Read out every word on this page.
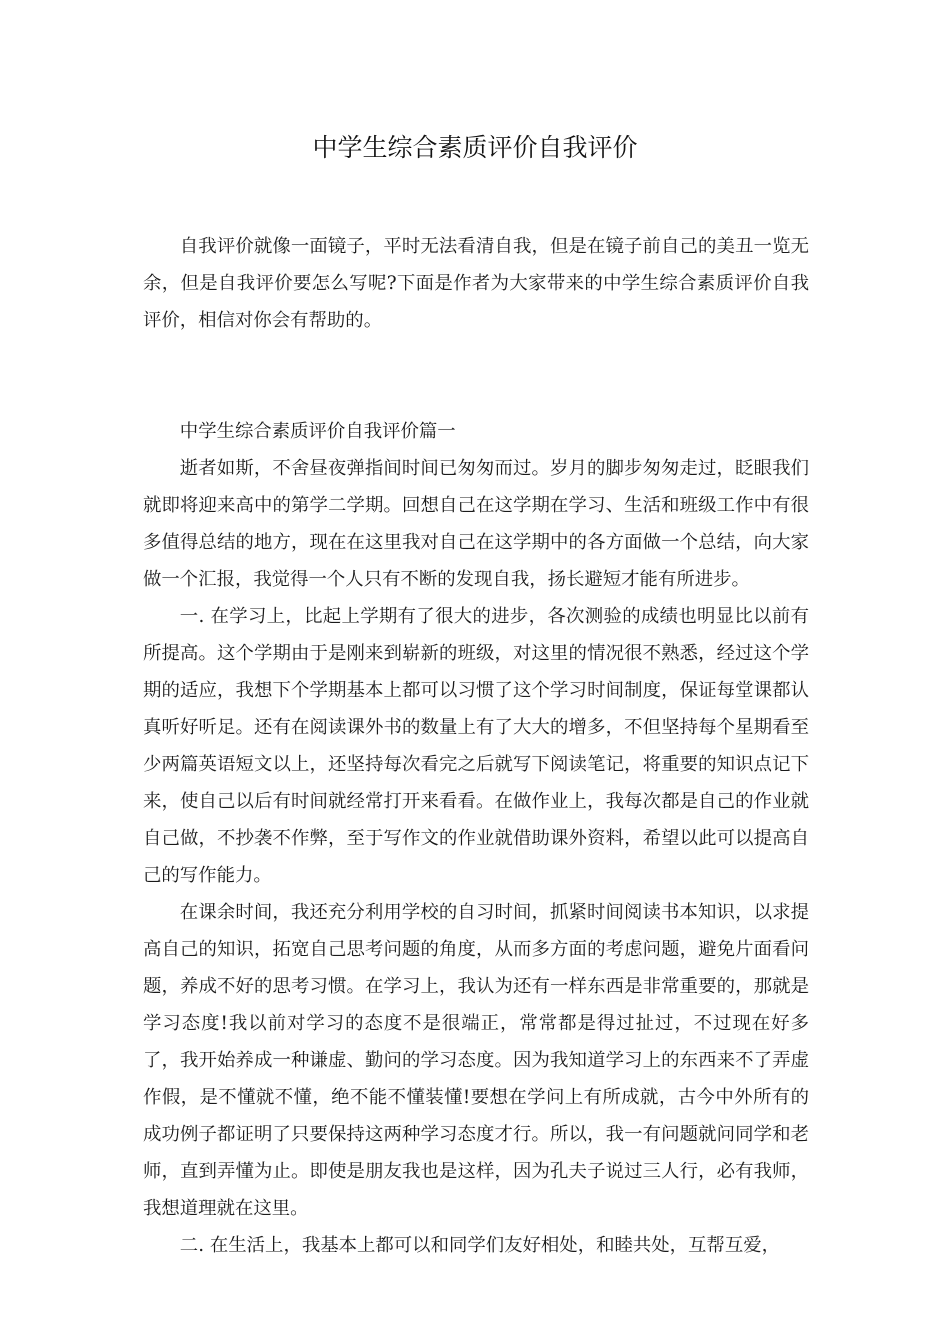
中学生综合素质评价自我评价

自我评价就像一面镜子，平时无法看清自我，但是在镜子前自己的美丑一览无余，但是自我评价要怎么写呢?下面是作者为大家带来的中学生综合素质评价自我评价，相信对你会有帮助的。

中学生综合素质评价自我评价篇一

逝者如斯，不舍昼夜弹指间时间已匆匆而过。岁月的脚步匆匆走过，眨眼我们就即将迎来高中的第学二学期。回想自己在这学期在学习、生活和班级工作中有很多值得总结的地方，现在在这里我对自己在这学期中的各方面做一个总结，向大家做一个汇报，我觉得一个人只有不断的发现自我，扬长避短才能有所进步。

一. 在学习上，比起上学期有了很大的进步，各次测验的成绩也明显比以前有所提高。这个学期由于是刚来到崭新的班级，对这里的情况很不熟悉，经过这个学期的适应，我想下个学期基本上都可以习惯了这个学习时间制度，保证每堂课都认真听好听足。还有在阅读课外书的数量上有了大大的增多，不但坚持每个星期看至少两篇英语短文以上，还坚持每次看完之后就写下阅读笔记，将重要的知识点记下来，使自己以后有时间就经常打开来看看。在做作业上，我每次都是自己的作业就自己做，不抄袭不作弊，至于写作文的作业就借助课外资料，希望以此可以提高自己的写作能力。

在课余时间，我还充分利用学校的自习时间，抓紧时间阅读书本知识，以求提高自己的知识，拓宽自己思考问题的角度，从而多方面的考虑问题，避免片面看问题，养成不好的思考习惯。在学习上，我认为还有一样东西是非常重要的，那就是学习态度!我以前对学习的态度不是很端正，常常都是得过扯过，不过现在好多了，我开始养成一种谦虚、勤问的学习态度。因为我知道学习上的东西来不了弄虚作假，是不懂就不懂，绝不能不懂装懂!要想在学问上有所成就，古今中外所有的成功例子都证明了只要保持这两种学习态度才行。所以，我一有问题就问同学和老师，直到弄懂为止。即使是朋友我也是这样，因为孔夫子说过三人行，必有我师，我想道理就在这里。

二. 在生活上，我基本上都可以和同学们友好相处，和睦共处，互帮互爱，
